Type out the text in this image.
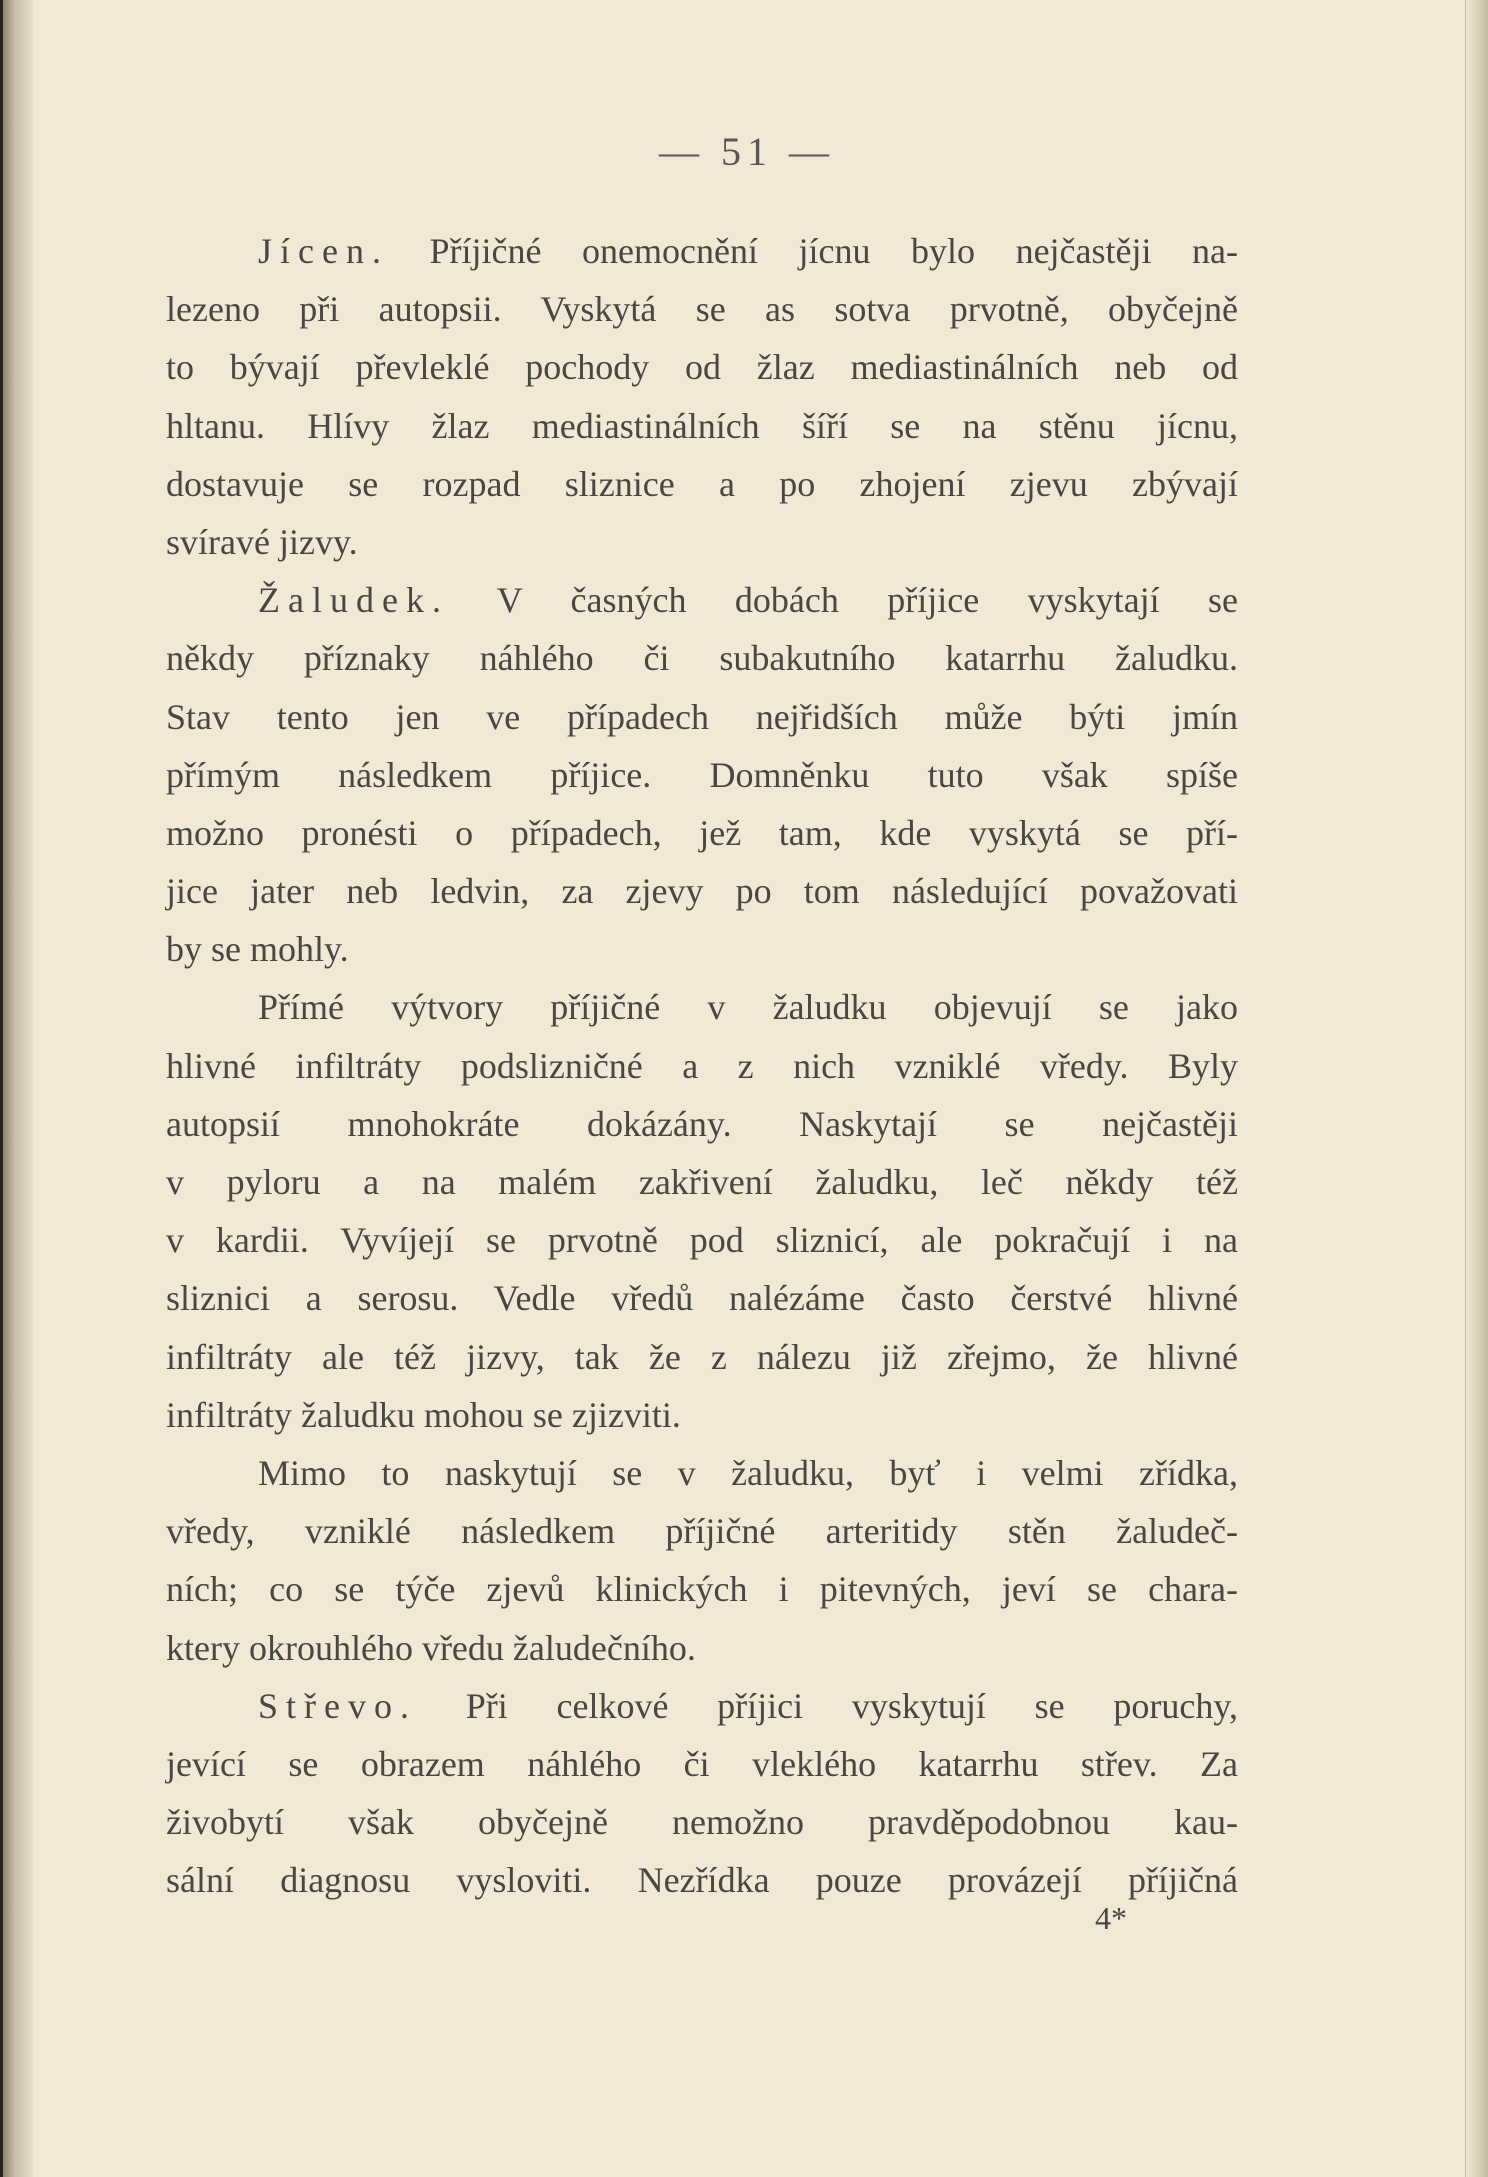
— 51 —
Jícen. Příjičné onemocnění jícnu bylo nejčastěji na-
lezeno při autopsii. Vyskytá se as sotva prvotně, obyčejně
to bývají převleklé pochody od žlaz mediastinálních neb od
hltanu. Hlívy žlaz mediastinálních šíří se na stěnu jícnu,
dostavuje se rozpad sliznice a po zhojení zjevu zbývají
svíravé jizvy.
Žaludek. V časných dobách příjice vyskytají se
někdy příznaky náhlého či subakutního katarrhu žaludku.
Stav tento jen ve případech nejřidších může býti jmín
přímým následkem příjice. Domněnku tuto však spíše
možno pronésti o případech, jež tam, kde vyskytá se pří-
jice jater neb ledvin, za zjevy po tom následující považovati
by se mohly.
Přímé výtvory příjičné v žaludku objevují se jako
hlivné infiltráty podslizničné a z nich vzniklé vředy. Byly
autopsií mnohokráte dokázány. Naskytají se nejčastěji
v pyloru a na malém zakřivení žaludku, leč někdy též
v kardii. Vyvíjejí se prvotně pod sliznicí, ale pokračují i na
sliznici a serosu. Vedle vředů nalézáme často čerstvé hlivné
infiltráty ale též jizvy, tak že z nálezu již zřejmo, že hlivné
infiltráty žaludku mohou se zjizviti.
Mimo to naskytují se v žaludku, byť i velmi zřídka,
vředy, vzniklé následkem příjičné arteritidy stěn žaludeč-
ních; co se týče zjevů klinických i pitevných, jeví se chara-
ktery okrouhlého vředu žaludečního.
Střevo. Při celkové příjici vyskytují se poruchy,
jevící se obrazem náhlého či vleklého katarrhu střev. Za
živobytí však obyčejně nemožno pravděpodobnou kau-
sální diagnosu vysloviti. Nezřídka pouze provázejí příjičná
4*
